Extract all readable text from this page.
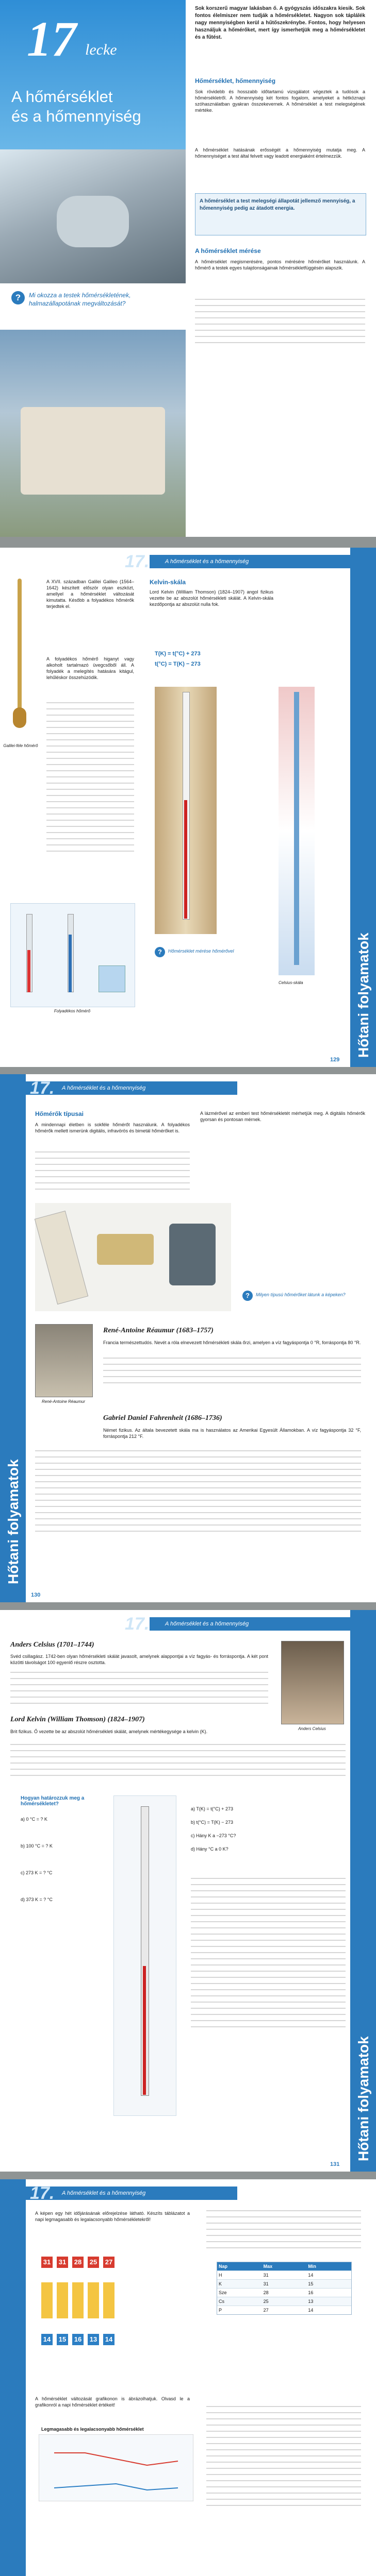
17 lecke
A hőmérséklet
és a hőmennyiség
?	Mi okozza a testek hőmérsékletének, halmazállapotának megváltozását?
Sok korszerű magyar lakásban ő. A gyógyszás időszakra kiesik. Sok fontos élelmiszer nem tudják a hőmérsékletet. Nagyon sok táplálék nagy mennyiségben kerül a hűtőszekrénybe. Fontos, hogy helyesen használjuk a hőmérőket, mert így ismerhetjük meg a hőmérsékletet és a fűtést.
Hőmérséklet, hőmennyiség
Sok rövidebb és hosszabb időtartamú vizsgálatot végeztek a tudósok a hőmérsékletről. A hőmennyiség két fontos fogalom, amelyeket a hétköznapi szóhasználatban gyakran összekevernek. A hőmérséklet a test melegségének mértéke.
A hőmérséklet hatásának erősségét a hőmennyiség mutatja meg. A hőmennyiséget a test által felvett vagy leadott energiaként értelmezzük.
A hőmérséklet a test melegségi állapotát jellemző mennyiség, a hőmennyiség pedig az átadott energia.
A hőmérséklet mérése
A hőmérséklet megismerésére, pontos mérésére hőmérőket használunk. A hőmérő a testek egyes tulajdonságainak hőmérsékletfüggésén alapszik.
17.	A hőmérséklet és a hőmennyiség
Galilei-féle hőmérő
A XVII. században Galilei Galileo (1564–1642) készített először olyan eszközt, amellyel a hőmérséklet változását kimutatta. Később a folyadékos hőmérők terjedtek el.
A folyadékos hőmérő higanyt vagy alkoholt tartalmazó üvegcsőből áll. A folyadék a melegítés hatására kitágul, lehűléskor összehúzódik.
Folyadékos hőmérő
Kelvin-skála
Lord Kelvin (William Thomson) (1824–1907) angol fizikus vezette be az abszolút hőmérsékleti skálát. A Kelvin-skála kezdőpontja az abszolút nulla fok.
T(K) = t(°C) + 273
t(°C) = T(K) − 273
Celsius-skála
?	Hőmérséklet mérése hőmérővel	Hőtani folyamatok
129
Hőtani folyamatok
17. A hőmérséklet és a hőmennyiség
Hőmérők típusai
A mindennapi életben is sokféle hőmérőt használunk. A folyadékos hőmérők mellett ismerünk digitális, infravörös és bimetál hőmérőket is.
A lázmérővel az emberi test hőmérsékletét mérhetjük meg. A digitális hőmérők gyorsan és pontosan mérnek.
?	Milyen típusú hőmérőket látunk a képeken?
René-Antoine Réaumur
René-Antoine Réaumur (1683–1757)
Francia természettudós. Nevét a róla elnevezett hőmérsékleti skála őrzi, amelyen a víz fagyáspontja 0 °R, forráspontja 80 °R.
Gabriel Daniel Fahrenheit (1686–1736)
Német fizikus. Az általa bevezetett skála ma is használatos az Amerikai Egyesült Államokban. A víz fagyáspontja 32 °F, forráspontja 212 °F.
130
17.	A hőmérséklet és a hőmennyiség
Anders Celsius (1701–1744)
Svéd csillagász. 1742-ben olyan hőmérsékleti skálát javasolt, amelynek alappontjai a víz fagyás- és forráspontja. A két pont közötti távolságot 100 egyenlő részre osztotta.
Anders Celsius
Lord Kelvin (William Thomson) (1824–1907)
Brit fizikus. Ő vezette be az abszolút hőmérsékleti skálát, amelynek mértékegysége a kelvin (K).
Hogyan határozzuk meg a hőmérsékletet?
a) 0 °C = ? K
b) 100 °C = ? K
c) 273 K = ? °C
d) 373 K = ? °C
a) T(K) = t(°C) + 273
b) t(°C) = T(K) − 273
c) Hány K a −273 °C?
d) Hány °C a 0 K?
Hőtani folyamatok
131
17. A hőmérséklet és a hőmennyiség
A képen egy hét időjárásának előrejelzése látható. Készíts táblázatot a napi legmagasabb és legalacsonyabb hőmérsékletekről!
31 31 28 25 27
14 15 16 13 14
A hőmérséklet változását grafikonon is ábrázolhatjuk. Olvasd le a grafikonról a napi hőmérséklet értékeit!
Legmagasabb és legalacsonyabb hőmérséklet
Nap	Max	Min
H	31	14
K	31	15
Sze	28	16
Cs	25	13
P	27	14
